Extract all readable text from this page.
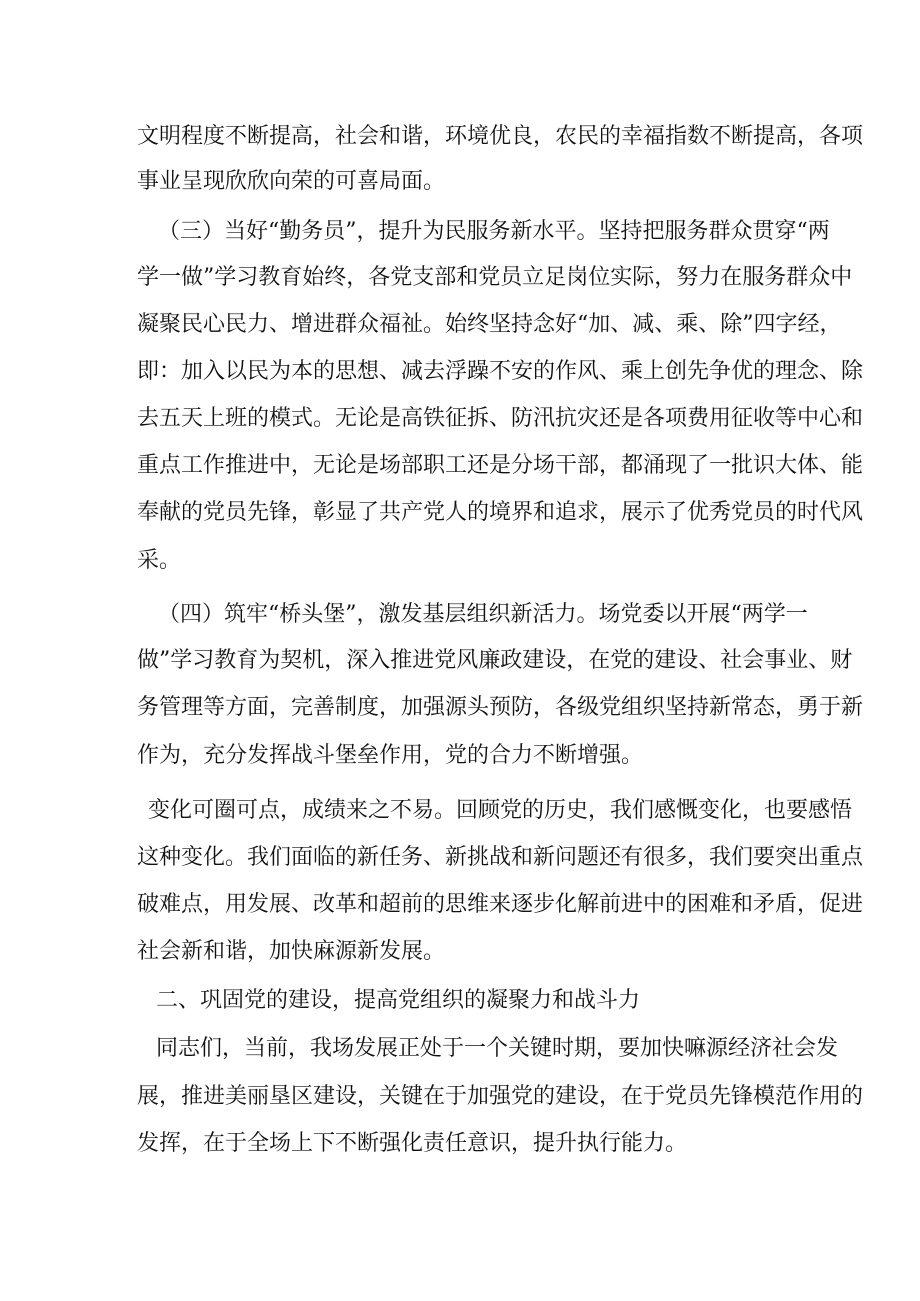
文明程度不断提高，社会和谐，环境优良，农民的幸福指数不断提高，各项
事业呈现欣欣向荣的可喜局面。
（三）当好“勤务员”，提升为民服务新水平。坚持把服务群众贯穿“两
学一做”学习教育始终，各党支部和党员立足岗位实际，努力在服务群众中
凝聚民心民力、增进群众福祉。始终坚持念好“加、减、乘、除”四字经，
即：加入以民为本的思想、减去浮躁不安的作风、乘上创先争优的理念、除
去五天上班的模式。无论是高铁征拆、防汛抗灾还是各项费用征收等中心和
重点工作推进中，无论是场部职工还是分场干部，都涌现了一批识大体、能
奉献的党员先锋，彰显了共产党人的境界和追求，展示了优秀党员的时代风
采。
（四）筑牢“桥头堡”，激发基层组织新活力。场党委以开展“两学一
做”学习教育为契机，深入推进党风廉政建设，在党的建设、社会事业、财
务管理等方面，完善制度，加强源头预防，各级党组织坚持新常态，勇于新
作为，充分发挥战斗堡垒作用，党的合力不断增强。
变化可圈可点，成绩来之不易。回顾党的历史，我们感慨变化，也要感悟
这种变化。我们面临的新任务、新挑战和新问题还有很多，我们要突出重点
破难点，用发展、改革和超前的思维来逐步化解前进中的困难和矛盾，促进
社会新和谐，加快麻源新发展。
二、巩固党的建设，提高党组织的凝聚力和战斗力
同志们，当前，我场发展正处于一个关键时期，要加快嘛源经济社会发
展，推进美丽垦区建设，关键在于加强党的建设，在于党员先锋模范作用的
发挥，在于全场上下不断强化责任意识，提升执行能力。
